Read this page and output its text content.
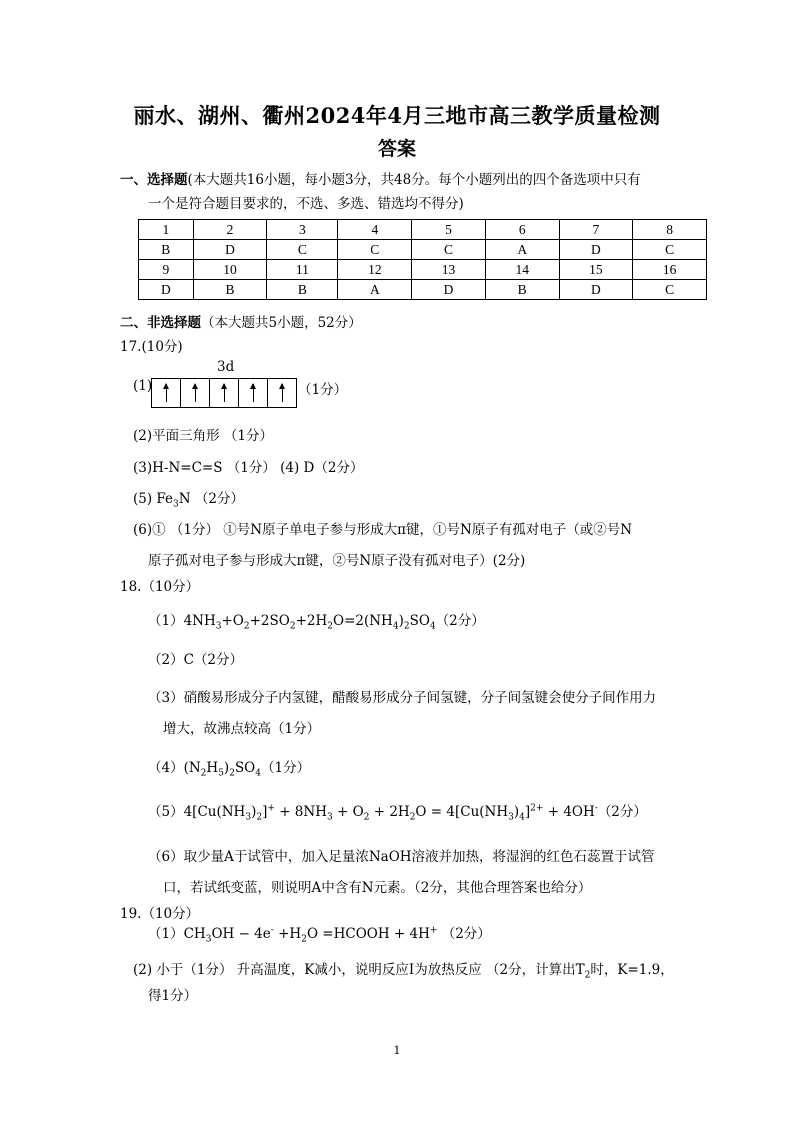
丽水、湖州、衢州2024年4月三地市高三教学质量检测
答案
一、选择题(本大题共16小题，每小题3分，共48分。每个小题列出的四个备选项中只有
一个是符合题目要求的，不选、多选、错选均不得分)
1	2	3	4	5	6	7	8
B	D	C	C	C	A	D	C
9	10	11	12	13	14	15	16
D	B	B	A	D	B	D	C
二、非选择题（本大题共5小题，52分）
17.(10分)
3d
(1)	（1分）
(2)平面三角形 （1分）
(3)H-N=C=S （1分） (4) D（2分）
(5) $Fe_3N$ （2分）
(6)① （1分） ①号N原子单电子参与形成大π键，①号N原子有孤对电子（或②号N
原子孤对电子参与形成大π键，②号N原子没有孤对电子）(2分)
18.（10分）
$(1)4NH_3+O_2+2SO_2+2H_2O=2(NH_4)_2SO_4(2$分）
（2）C（2分）
（3）硝酸易形成分子内氢键，醋酸易形成分子间氢键，分子间氢键会使分子间作用力
增大，故沸点较高（1分）
$(4)(N_2H_5)_2SO_4(1$分）
$(5)4[Cu(NH_3)_2]^+ + 8NH_3 + O_2 + 2H_2O = 4[Cu(NH_3)_4]^{2+} + 4OH^-(2$分）
（6）取少量A于试管中，加入足量浓NaOH溶液并加热，将湿润的红色石蕊置于试管
口，若试纸变蓝，则说明A中含有N元素。（2分，其他合理答案也给分）
19.（10分）
$(1)CH_3OH - 4e^- +H_2O$ =HCOOH + 4H+ （2分）
(2) 小于（1分） 升高温度，K减小，说明反应Ⅰ为放热反应 （2分，计算出$T_2$时，K=1.9，
得1分）
1
